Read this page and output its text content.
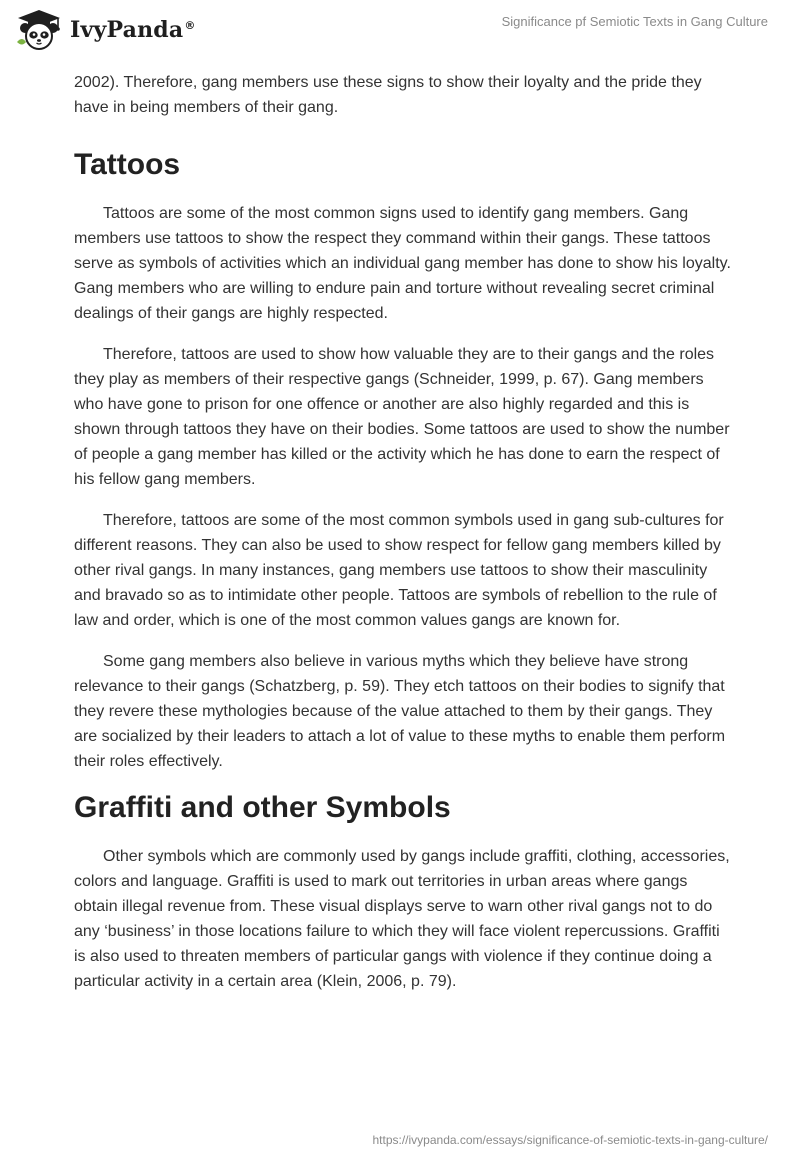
IvyPanda®	Significance pf Semiotic Texts in Gang Culture

2002). Therefore, gang members use these signs to show their loyalty and the pride they have in being members of their gang.

Tattoos

Tattoos are some of the most common signs used to identify gang members. Gang members use tattoos to show the respect they command within their gangs. These tattoos serve as symbols of activities which an individual gang member has done to show his loyalty. Gang members who are willing to endure pain and torture without revealing secret criminal dealings of their gangs are highly respected.

Therefore, tattoos are used to show how valuable they are to their gangs and the roles they play as members of their respective gangs (Schneider, 1999, p. 67). Gang members who have gone to prison for one offence or another are also highly regarded and this is shown through tattoos they have on their bodies. Some tattoos are used to show the number of people a gang member has killed or the activity which he has done to earn the respect of his fellow gang members.

Therefore, tattoos are some of the most common symbols used in gang sub-cultures for different reasons. They can also be used to show respect for fellow gang members killed by other rival gangs. In many instances, gang members use tattoos to show their masculinity and bravado so as to intimidate other people. Tattoos are symbols of rebellion to the rule of law and order, which is one of the most common values gangs are known for.

Some gang members also believe in various myths which they believe have strong relevance to their gangs (Schatzberg, p. 59). They etch tattoos on their bodies to signify that they revere these mythologies because of the value attached to them by their gangs. They are socialized by their leaders to attach a lot of value to these myths to enable them perform their roles effectively.

Graffiti and other Symbols

Other symbols which are commonly used by gangs include graffiti, clothing, accessories, colors and language. Graffiti is used to mark out territories in urban areas where gangs obtain illegal revenue from. These visual displays serve to warn other rival gangs not to do any ‘business’ in those locations failure to which they will face violent repercussions. Graffiti is also used to threaten members of particular gangs with violence if they continue doing a particular activity in a certain area (Klein, 2006, p. 79).

https://ivypanda.com/essays/significance-of-semiotic-texts-in-gang-culture/
